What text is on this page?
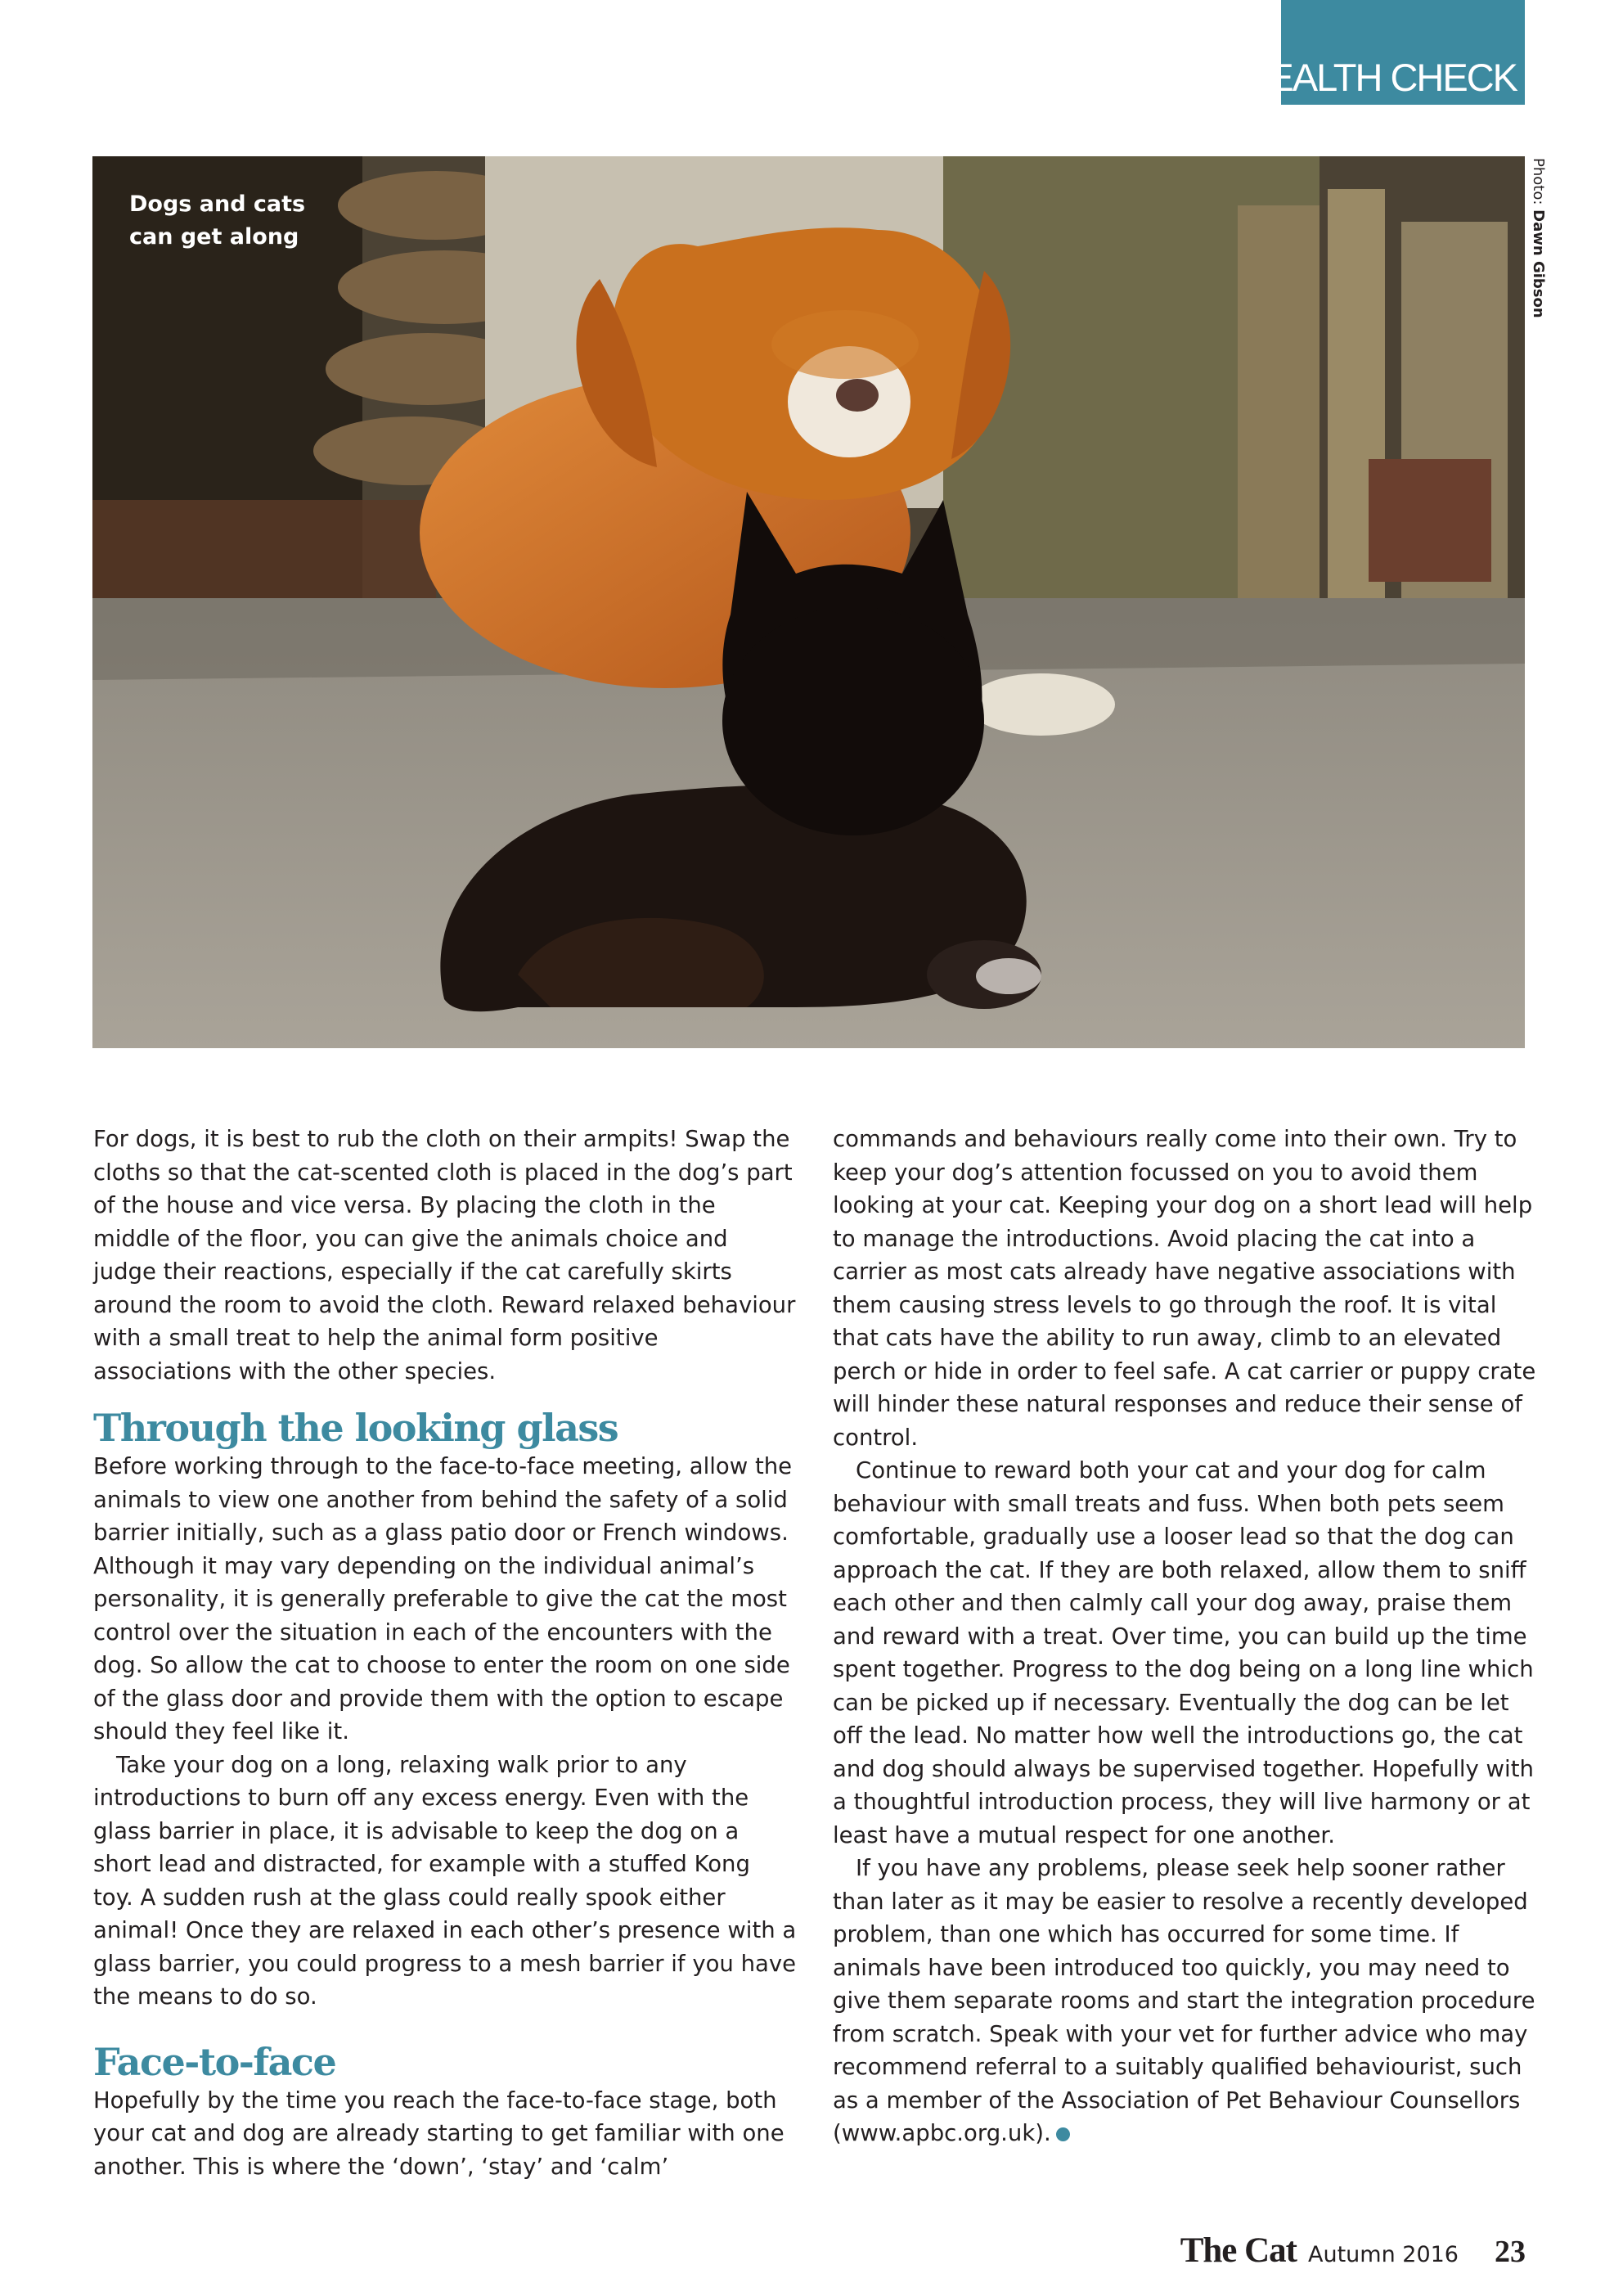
HEALTH CHECK
Dogs and cats
can get along
Photo: Dawn Gibson

For dogs, it is best to rub the cloth on their armpits! Swap the cloths so that the cat-scented cloth is placed in the dog’s part of the house and vice versa. By placing the cloth in the middle of the floor, you can give the animals choice and judge their reactions, especially if the cat carefully skirts around the room to avoid the cloth. Reward relaxed behaviour with a small treat to help the animal form positive associations with the other species.

Through the looking glass

Before working through to the face-to-face meeting, allow the animals to view one another from behind the safety of a solid barrier initially, such as a glass patio door or French windows. Although it may vary depending on the individual animal’s personality, it is generally preferable to give the cat the most control over the situation in each of the encounters with the dog. So allow the cat to choose to enter the room on one side of the glass door and provide them with the option to escape should they feel like it.

Take your dog on a long, relaxing walk prior to any introductions to burn off any excess energy. Even with the glass barrier in place, it is advisable to keep the dog on a short lead and distracted, for example with a stuffed Kong toy. A sudden rush at the glass could really spook either animal! Once they are relaxed in each other’s presence with a glass barrier, you could progress to a mesh barrier if you have the means to do so.

Face-to-face

Hopefully by the time you reach the face-to-face stage, both your cat and dog are already starting to get familiar with one another. This is where the ‘down’, ‘stay’ and ‘calm’

commands and behaviours really come into their own. Try to keep your dog’s attention focussed on you to avoid them looking at your cat. Keeping your dog on a short lead will help to manage the introductions. Avoid placing the cat into a carrier as most cats already have negative associations with them causing stress levels to go through the roof. It is vital that cats have the ability to run away, climb to an elevated perch or hide in order to feel safe. A cat carrier or puppy crate will hinder these natural responses and reduce their sense of control.

Continue to reward both your cat and your dog for calm behaviour with small treats and fuss. When both pets seem comfortable, gradually use a looser lead so that the dog can approach the cat. If they are both relaxed, allow them to sniff each other and then calmly call your dog away, praise them and reward with a treat. Over time, you can build up the time spent together. Progress to the dog being on a long line which can be picked up if necessary. Eventually the dog can be let off the lead. No matter how well the introductions go, the cat and dog should always be supervised together. Hopefully with a thoughtful introduction process, they will live harmony or at least have a mutual respect for one another.

If you have any problems, please seek help sooner rather than later as it may be easier to resolve a recently developed problem, than one which has occurred for some time. If animals have been introduced too quickly, you may need to give them separate rooms and start the integration procedure from scratch. Speak with your vet for further advice who may recommend referral to a suitably qualified behaviourist, such as a member of the Association of Pet Behaviour Counsellors (www.apbc.org.uk).

The Cat Autumn 2016 23
